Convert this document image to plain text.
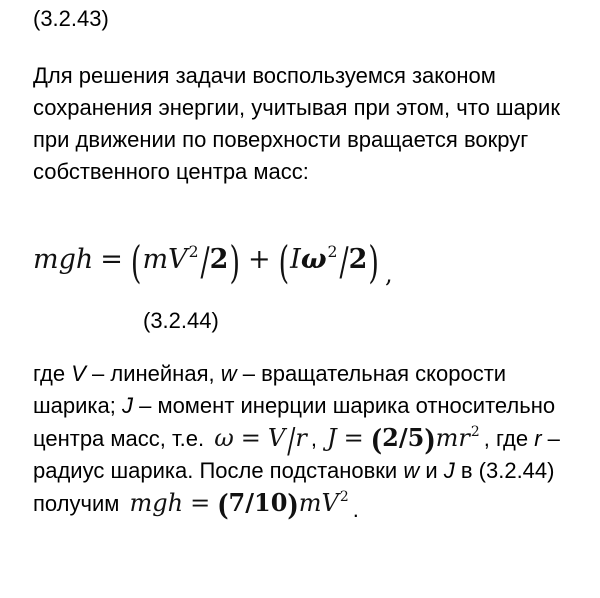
(3.2.43)
Для решения задачи воспользуемся законом сохранения энергии, учитывая при этом, что шарик при движении по поверхности вращается вокруг собственного центра масс:
mgh = $(mV^2/2) + (I\omega^2/2)$ ,
(3.2.44)
где V – линейная, w – вращательная скорости шарика; J – момент инерции шарика относительно центра масс, т.е. ω = V/r , $J = (2/5)mr^2$ , где r – радиус шарика. После подстановки w и J в (3.2.44) получим mgh = $(7/10)mV^2$.
